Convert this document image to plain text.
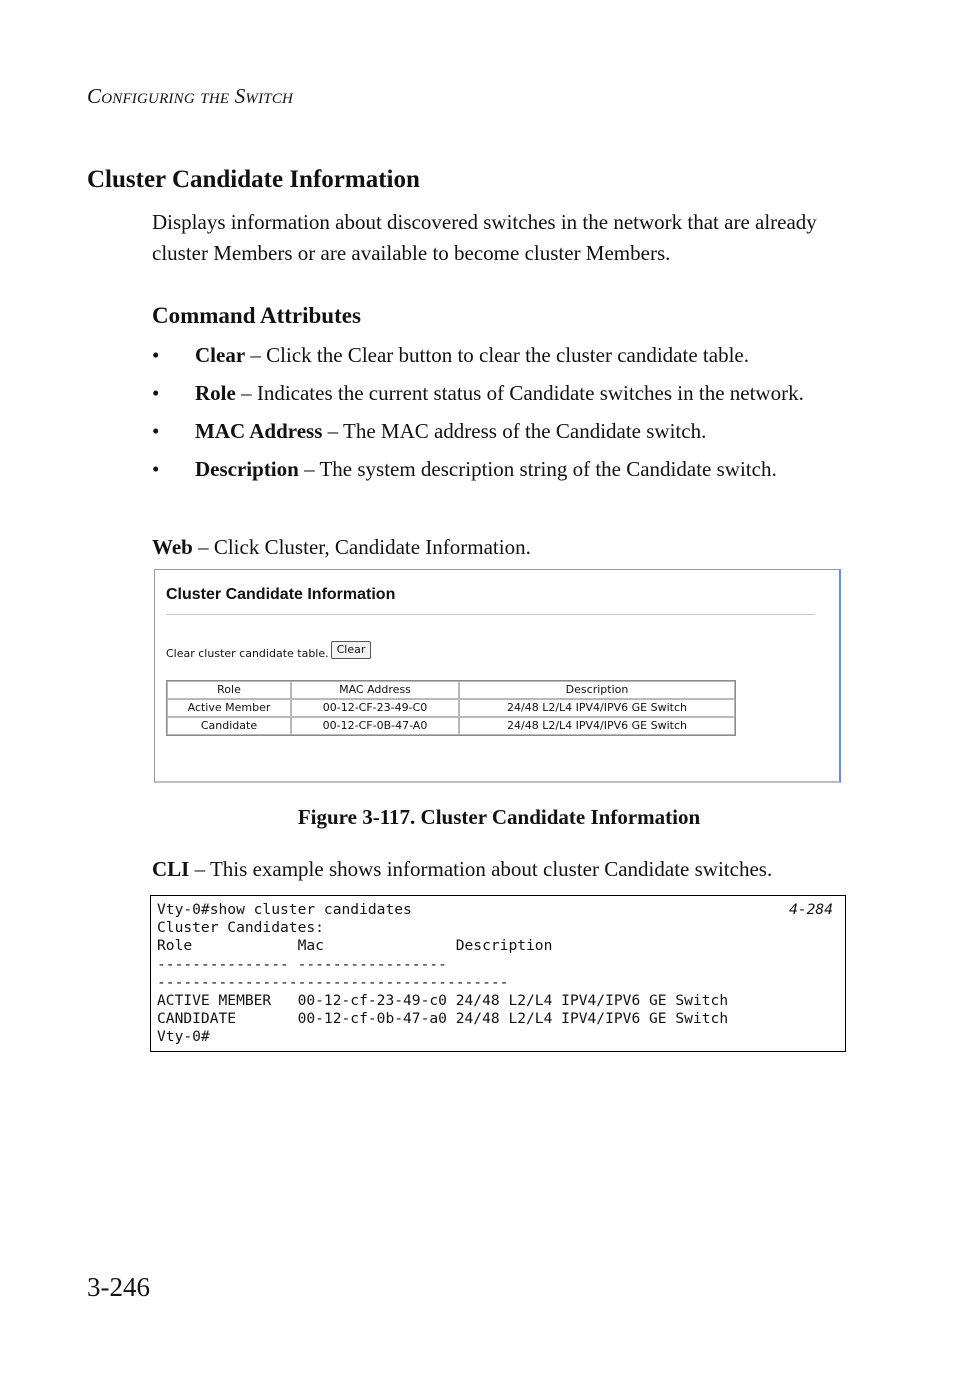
Configuring the Switch
Cluster Candidate Information
Displays information about discovered switches in the network that are already cluster Members or are available to become cluster Members.
Command Attributes
• Clear – Click the Clear button to clear the cluster candidate table.
• Role – Indicates the current status of Candidate switches in the network.
• MAC Address – The MAC address of the Candidate switch.
• Description – The system description string of the Candidate switch.
Web – Click Cluster, Candidate Information.
Cluster Candidate Information
Clear cluster candidate table. Clear
Role	MAC Address	Description
Active Member	00-12-CF-23-49-C0	24/48 L2/L4 IPV4/IPV6 GE Switch
Candidate	00-12-CF-0B-47-A0	24/48 L2/L4 IPV4/IPV6 GE Switch
Figure 3-117. Cluster Candidate Information
CLI – This example shows information about cluster Candidate switches.
Vty-0#show cluster candidates
Cluster Candidates:
Role            Mac               Description
--------------- -----------------
----------------------------------------
ACTIVE MEMBER   00-12-cf-23-49-c0 24/48 L2/L4 IPV4/IPV6 GE Switch
CANDIDATE       00-12-cf-0b-47-a0 24/48 L2/L4 IPV4/IPV6 GE Switch
Vty-0#
4-284
3-246
